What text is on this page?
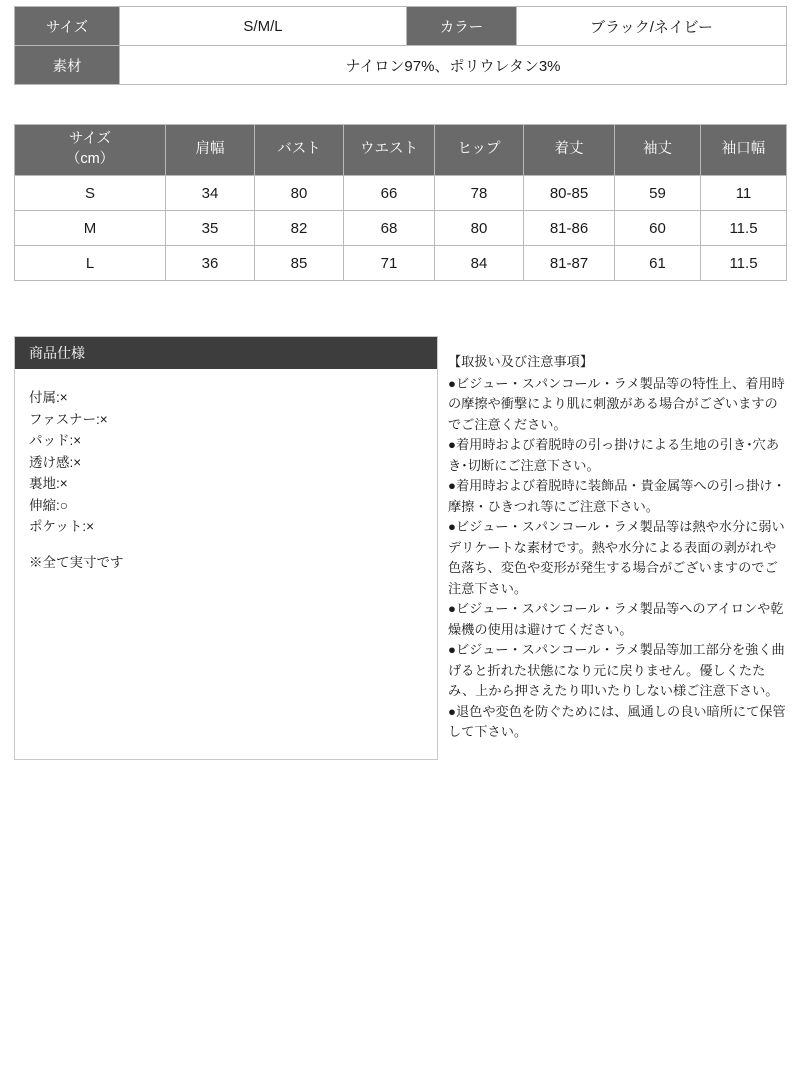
サイズ	S/M/L	カラー	ブラック/ネイビー
素材	ナイロン97%、ポリウレタン3%		
サイズ
（cm）	肩幅	バスト	ウエスト	ヒップ	着丈	袖丈	袖口幅
S	34	80	66	78	80-85	59	11
M	35	82	68	80	81-86	60	11.5
L	36	85	71	84	81-87	61	11.5
商品仕様
付属:×
ファスナー:×
パッド:×
透け感:×
裏地:×
伸縮:○
ポケット:×
※全て実寸です

【取扱い及び注意事項】

●ビジュー・スパンコール・ラメ製品等の特性上、着用時の摩擦や衝撃により肌に刺激がある場合がございますのでご注意ください。

●着用時および着脱時の引っ掛けによる生地の引き･穴あき･切断にご注意下さい。

●着用時および着脱時に装飾品・貴金属等への引っ掛け・摩擦・ひきつれ等にご注意下さい。

●ビジュー・スパンコール・ラメ製品等は熱や水分に弱いデリケートな素材です。熱や水分による表面の剥がれや色落ち、変色や変形が発生する場合がございますのでご注意下さい。

●ビジュー・スパンコール・ラメ製品等へのアイロンや乾燥機の使用は避けてください。

●ビジュー・スパンコール・ラメ製品等加工部分を強く曲げると折れた状態になり元に戻りません。優しくたたみ、上から押さえたり叩いたりしない様ご注意下さい。

●退色や変色を防ぐためには、風通しの良い暗所にて保管して下さい。
